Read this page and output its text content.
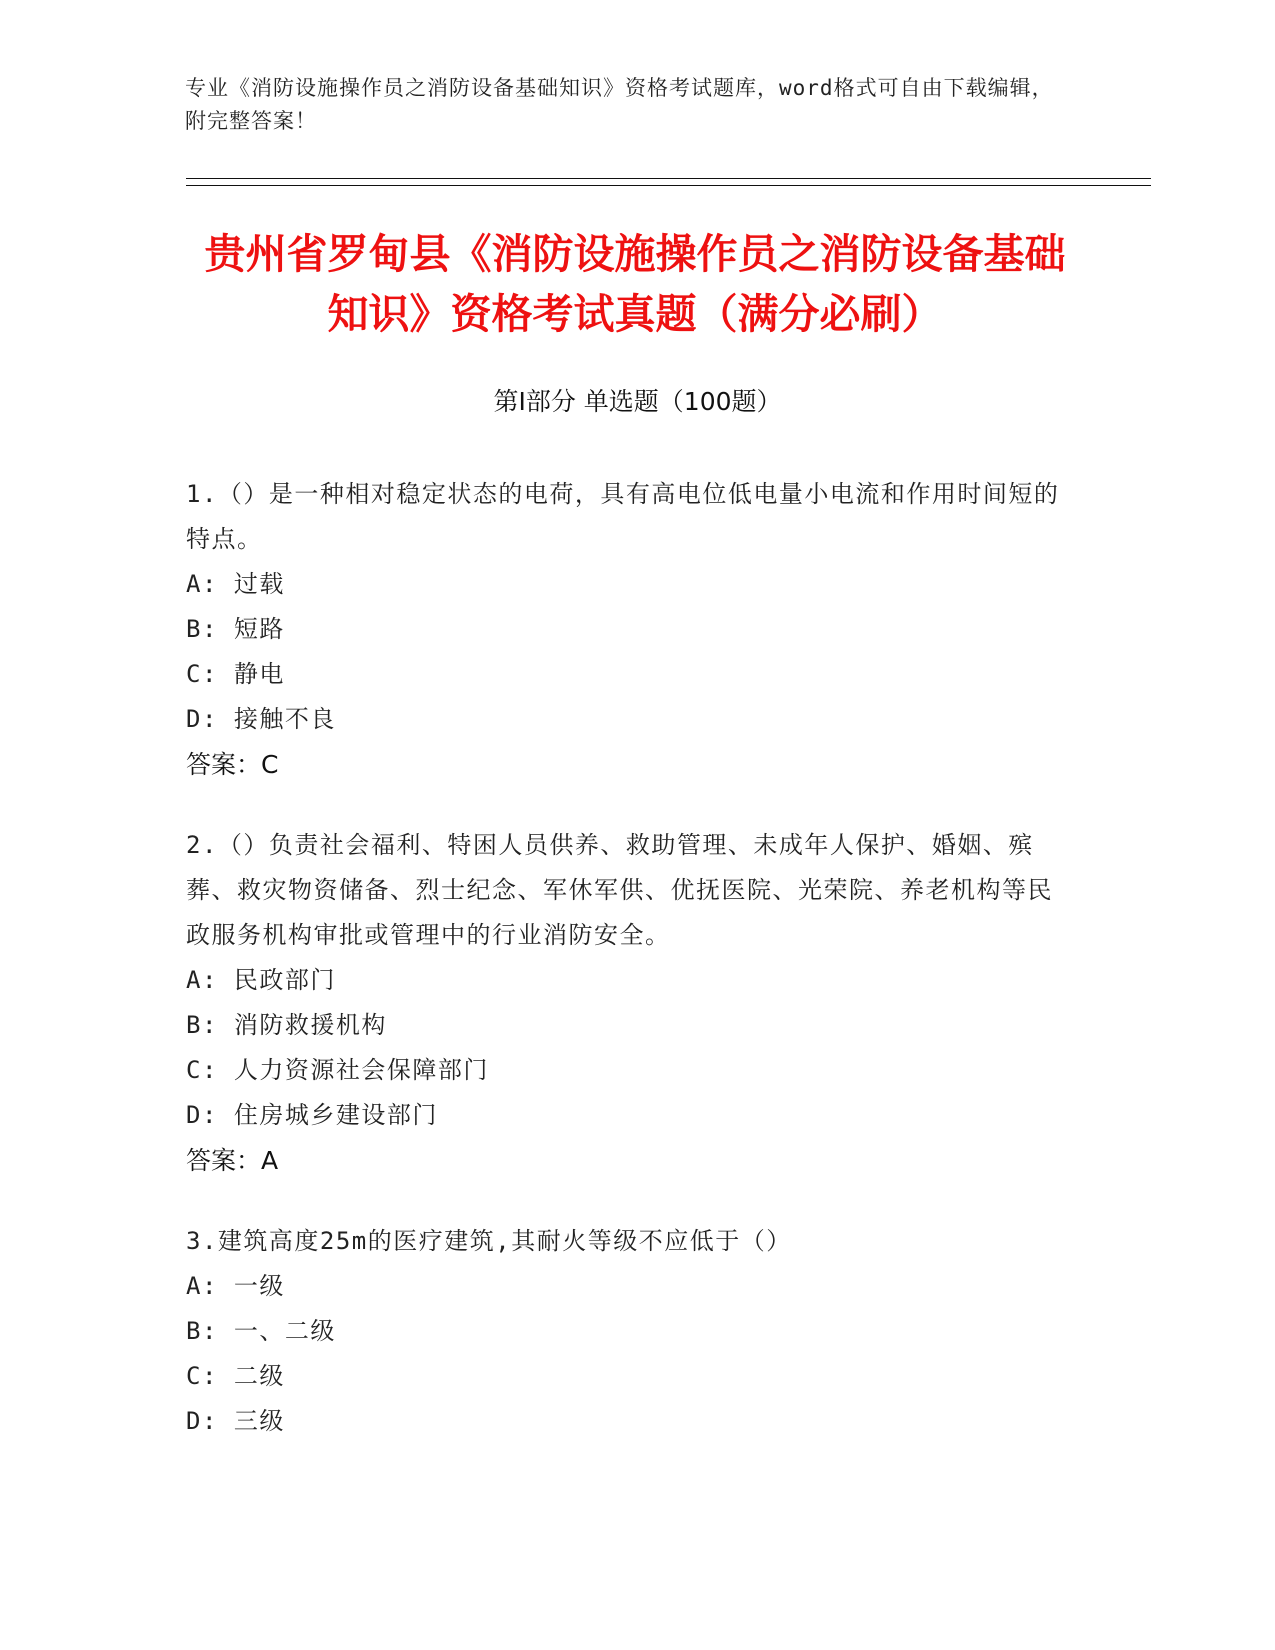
专业《消防设施操作员之消防设备基础知识》资格考试题库，word格式可自由下载编辑，附完整答案！
贵州省罗甸县《消防设施操作员之消防设备基础知识》资格考试真题（满分必刷）
第Ⅰ部分 单选题（100题）
1.（）是一种相对稳定状态的电荷，具有高电位低电量小电流和作用时间短的特点。
A: 过载
B: 短路
C: 静电
D: 接触不良
答案：C
2.（）负责社会福利、特困人员供养、救助管理、未成年人保护、婚姻、殡葬、救灾物资储备、烈士纪念、军休军供、优抚医院、光荣院、养老机构等民政服务机构审批或管理中的行业消防安全。
A: 民政部门
B: 消防救援机构
C: 人力资源社会保障部门
D: 住房城乡建设部门
答案：A
3.建筑高度25m的医疗建筑,其耐火等级不应低于（）
A: 一级
B: 一、二级
C: 二级
D: 三级
